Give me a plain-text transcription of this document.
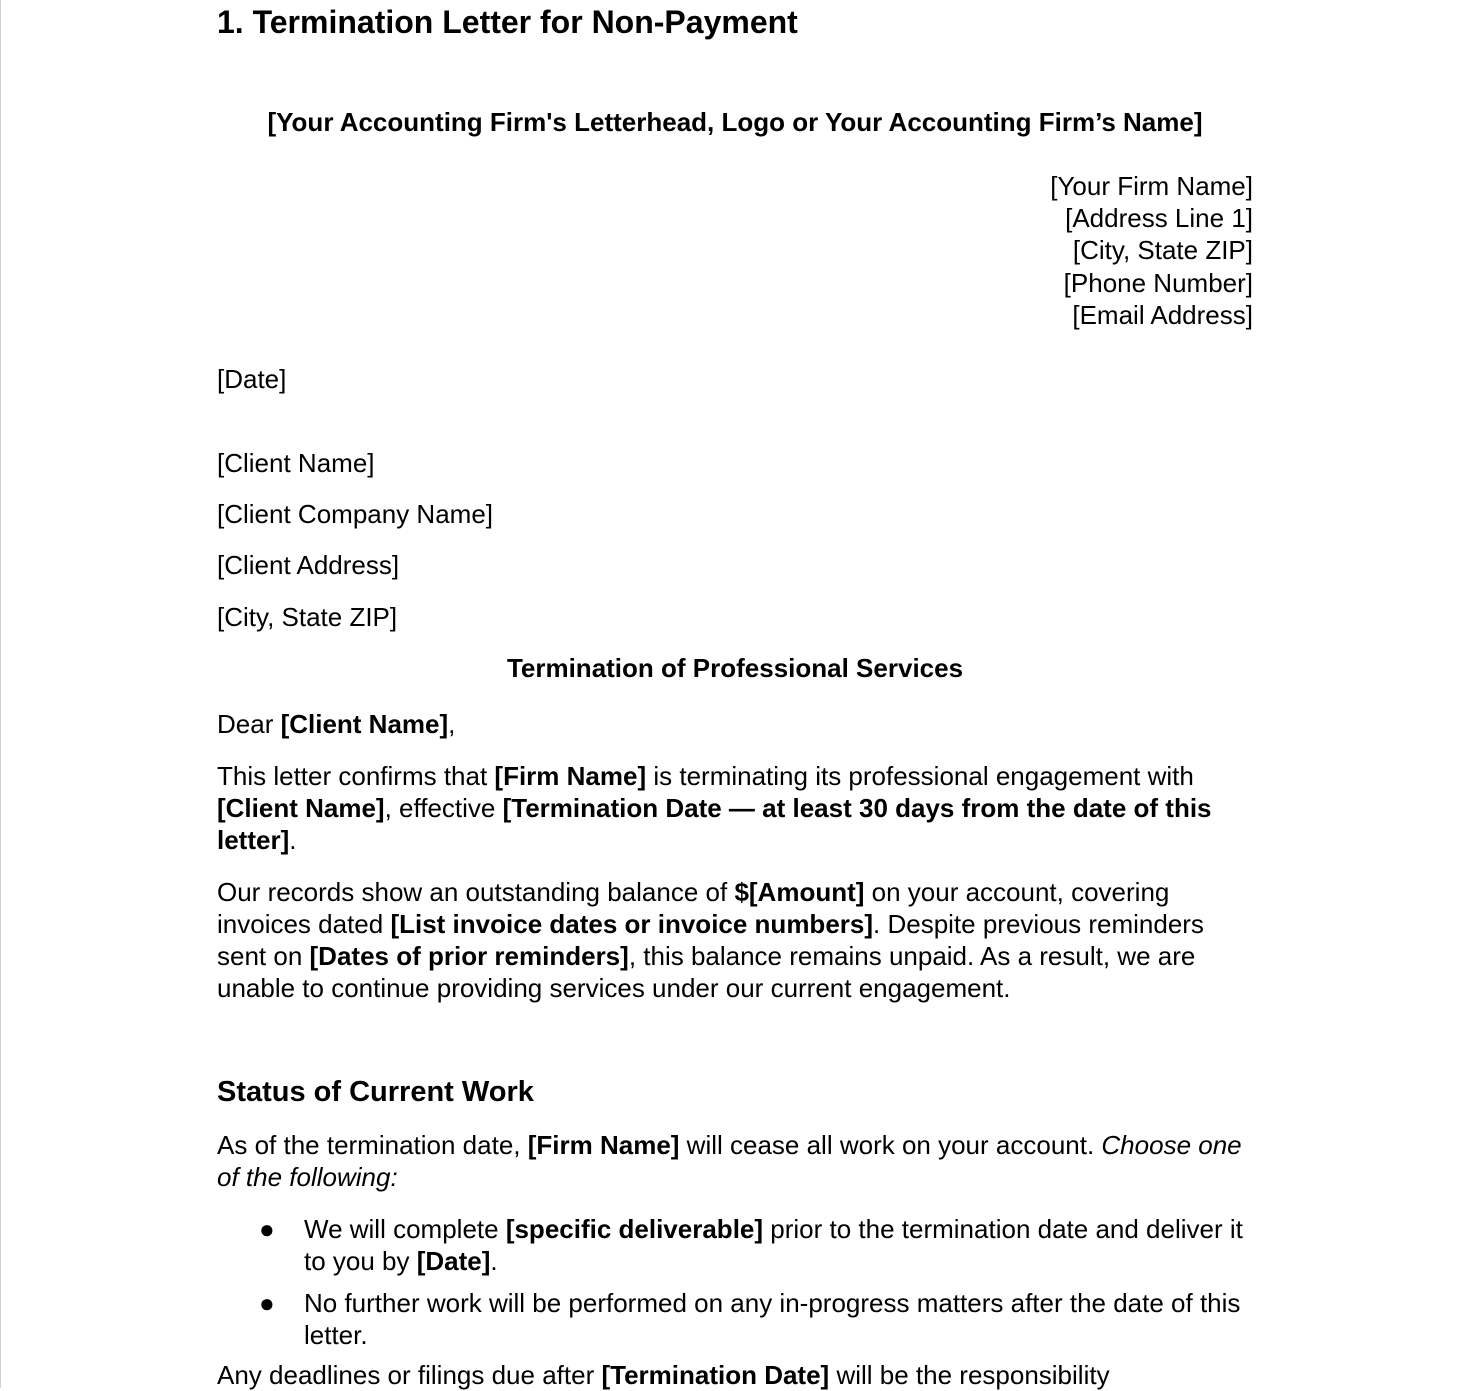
1. Termination Letter for Non-Payment
[Your Accounting Firm's Letterhead, Logo or Your Accounting Firm’s Name]
[Your Firm Name]
[Address Line 1]
[City, State ZIP]
[Phone Number]
[Email Address]
[Date]
[Client Name]
[Client Company Name]
[Client Address]
[City, State ZIP]
Termination of Professional Services
Dear [Client Name],
This letter confirms that [Firm Name] is terminating its professional engagement with [Client Name], effective [Termination Date — at least 30 days from the date of this letter].
Our records show an outstanding balance of $[Amount] on your account, covering invoices dated [List invoice dates or invoice numbers]. Despite previous reminders sent on [Dates of prior reminders], this balance remains unpaid. As a result, we are unable to continue providing services under our current engagement.
Status of Current Work
As of the termination date, [Firm Name] will cease all work on your account. Choose one of the following:
● We will complete [specific deliverable] prior to the termination date and deliver it to you by [Date].
● No further work will be performed on any in-progress matters after the date of this letter.
Any deadlines or filings due after [Termination Date] will be the responsibility
